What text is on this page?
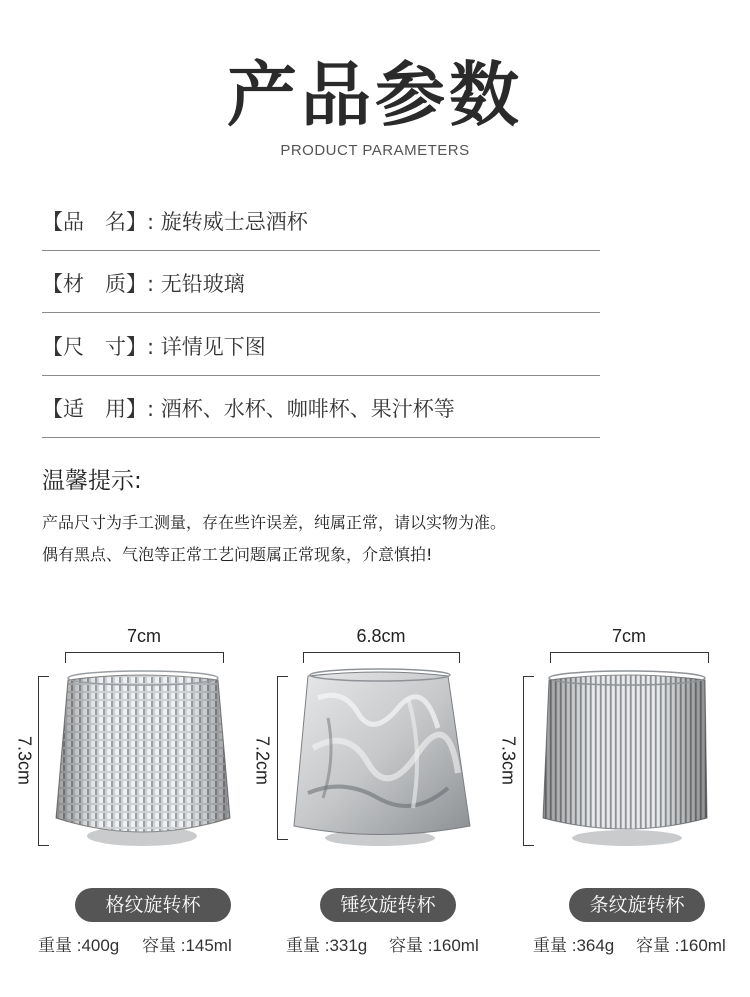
产品参数
PRODUCT PARAMETERS
【品　名】: 旋转威士忌酒杯
【材　质】: 无铅玻璃
【尺　寸】: 详情见下图
【适　用】: 酒杯、水杯、咖啡杯、果汁杯等
温馨提示:
产品尺寸为手工测量，存在些许误差，纯属正常，请以实物为准。
偶有黑点、气泡等正常工艺问题属正常现象，介意慎拍!
7cm
7.3cm
格纹旋转杯
重量 :400g 容量 :145ml
6.8cm
7.2cm
锤纹旋转杯
重量 :331g 容量 :160ml
7cm
7.3cm
条纹旋转杯
重量 :364g 容量 :160ml
